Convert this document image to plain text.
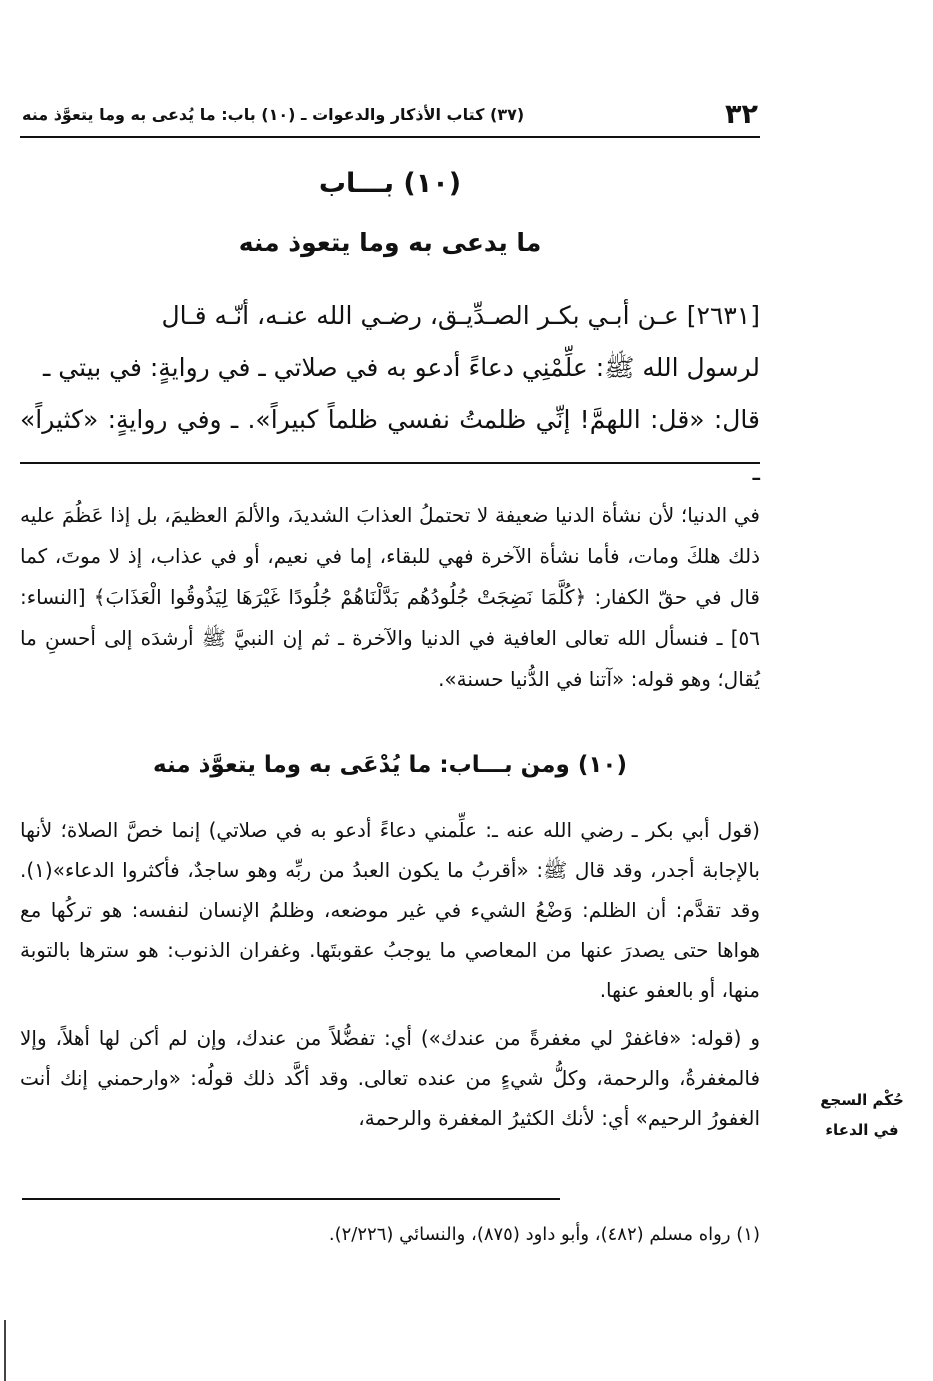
٣٢
(٣٧) كتاب الأذكار والدعوات ـ (١٠) باب: ما يُدعى به وما يتعوَّذ منه
(١٠) بـــاب
ما يدعى به وما يتعوذ منه

[٢٦٣١] عـن أبـي بكـر الصـدِّيـق، رضـي الله عنـه، أنّـه قـال

لرسول الله ﷺ: علِّمْنِي دعاءً أدعو به في صلاتي ـ في روايةٍ: في بيتي ـ

قال: «قل: اللهمَّ! إنِّي ظلمتُ نفسي ظلماً كبيراً». ـ وفي روايةٍ: «كثيراً» ـ

في الدنيا؛ لأن نشأة الدنيا ضعيفة لا تحتملُ العذابَ الشديدَ، والألمَ العظيمَ، بل إذا عَظُمَ عليه ذلك هلكَ ومات، فأما نشأة الآخرة فهي للبقاء، إما في نعيم، أو في عذاب، إذ لا موتَ، كما قال في حقّ الكفار: ﴿كُلَّمَا نَضِجَتْ جُلُودُهُم بَدَّلْنَاهُمْ جُلُودًا غَيْرَهَا لِيَذُوقُوا الْعَذَابَ﴾ [النساء: ٥٦] ـ فنسأل الله تعالى العافية في الدنيا والآخرة ـ ثم إن النبيَّ ﷺ أرشدَه إلى أحسنِ ما يُقال؛ وهو قوله: «آتنا في الدُّنيا حسنة».

(١٠) ومن بـــاب: ما يُدْعَى به وما يتعوَّذ منه

(قول أبي بكر ـ رضي الله عنه ـ: علِّمني دعاءً أدعو به في صلاتي) إنما خصَّ الصلاة؛ لأنها بالإجابة أجدر، وقد قال ﷺ: «أقربُ ما يكون العبدُ من ربِّه وهو ساجدٌ، فأكثروا الدعاء»(١). وقد تقدَّم: أن الظلم: وَضْعُ الشيء في غير موضعه، وظلمُ الإنسان لنفسه: هو تركُها مع هواها حتى يصدرَ عنها من المعاصي ما يوجبُ عقوبتَها. وغفران الذنوب: هو سترها بالتوبة منها، أو بالعفو عنها.

و (قوله: «فاغفرْ لي مغفرةً من عندك») أي: تفضُّلاً من عندك، وإن لم أكن لها أهلاً، وإلا فالمغفرةُ، والرحمة، وكلُّ شيءٍ من عنده تعالى. وقد أكَّد ذلك قولُه: «وارحمني إنك أنت الغفورُ الرحيم» أي: لأنك الكثيرُ المغفرة والرحمة،

حُكْم السجع
في الدعاء
(١) رواه مسلم (٤٨٢)، وأبو داود (٨٧٥)، والنسائي (٢/٢٢٦).
